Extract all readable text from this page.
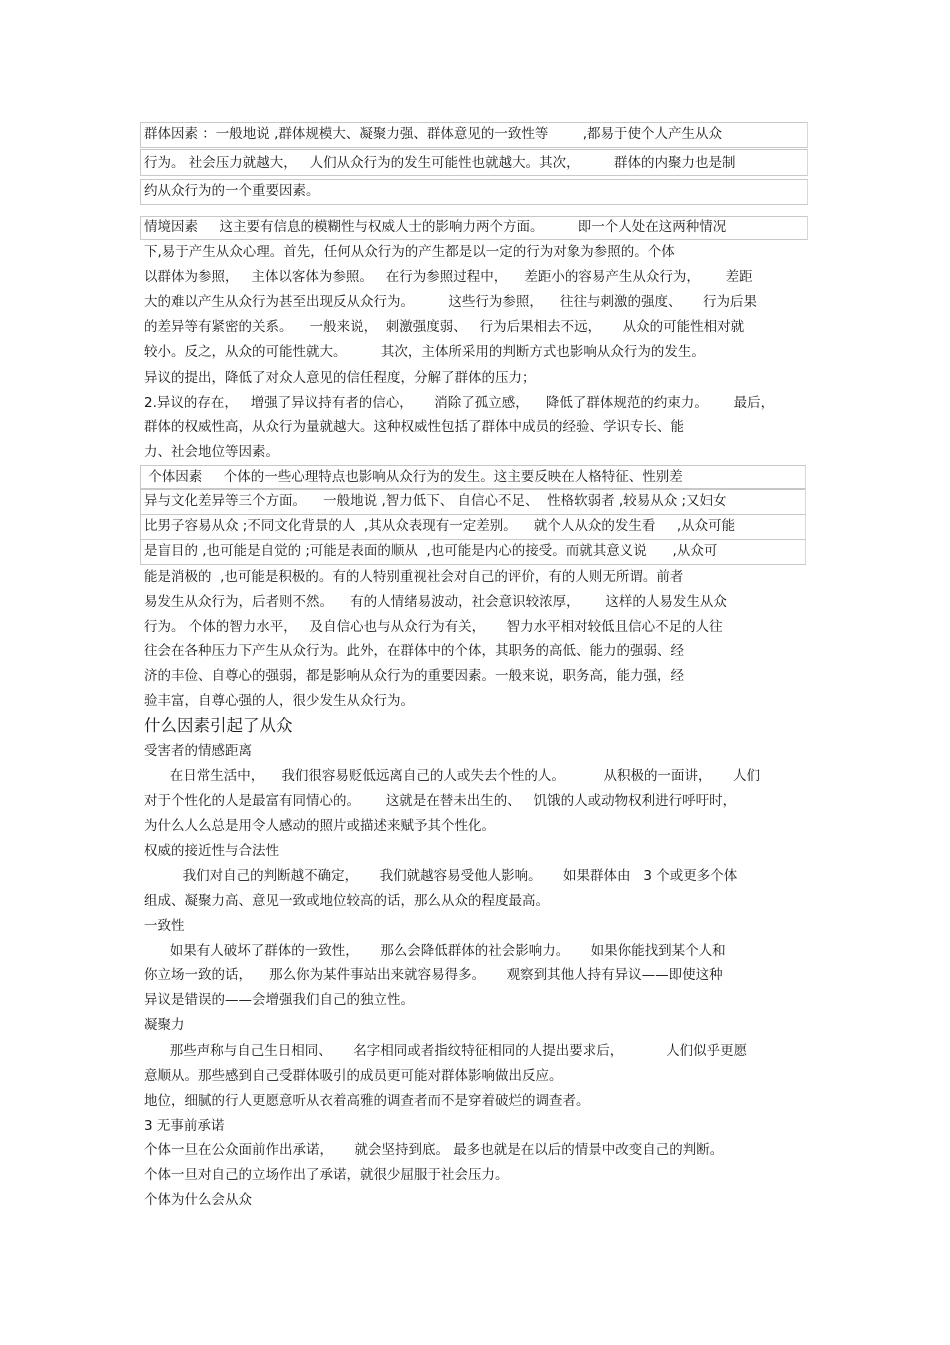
群体因素 ：一般地说 ,群体规模大、凝聚力强、群体意见的一致性等        ,都易于使个人产生从众
行为。 社会压力就越大，   人们从众行为的发生可能性也就越大。其次，        群体的内聚力也是制
约从众行为的一个重要因素。
情境因素     这主要有信息的模糊性与权威人士的影响力两个方面。        即一个人处在这两种情况
下,易于产生从众心理。首先，任何从众行为的产生都是以一定的行为对象为参照的。个体
以群体为参照，   主体以客体为参照。   在行为参照过程中，    差距小的容易产生从众行为，      差距
大的难以产生从众行为甚至出现反从众行为。        这些行为参照，    往往与刺激的强度、     行为后果
的差异等有紧密的关系。    一般来说，  刺激强度弱、   行为后果相去不远，     从众的可能性相对就
较小。反之，从众的可能性就大。        其次，主体所采用的判断方式也影响从众行为的发生。
异议的提出，降低了对众人意见的信任程度，分解了群体的压力；
2.异议的存在，   增强了异议持有者的信心，     消除了孤立感，    降低了群体规范的约束力。      最后，
群体的权威性高，从众行为量就越大。这种权威性包括了群体中成员的经验、学识专长、能
力、社会地位等因素。
个体因素     个体的一些心理特点也影响从众行为的发生。这主要反映在人格特征、性别差
异与文化差异等三个方面。    一般地说 ,智力低下、 自信心不足、  性格软弱者 ,较易从众 ;又妇女
比男子容易从众 ;不同文化背景的人  ,其从众表现有一定差别。    就个人从众的发生看     ,从众可能
是盲目的 ,也可能是自觉的 ;可能是表面的顺从  ,也可能是内心的接受。而就其意义说      ,从众可
能是消极的  ,也可能是积极的。有的人特别重视社会对自己的评价，有的人则无所谓。前者
易发生从众行为，后者则不然。    有的人情绪易波动，社会意识较浓厚，      这样的人易发生从众
行为。 个体的智力水平，   及自信心也与从众行为有关，     智力水平相对较低且信心不足的人往
往会在各种压力下产生从众行为。此外，在群体中的个体，其职务的高低、能力的强弱、经
济的丰俭、自尊心的强弱，都是影响从众行为的重要因素。一般来说，职务高，能力强，经
验丰富，自尊心强的人，很少发生从众行为。
什么因素引起了从众
受害者的情感距离
在日常生活中，    我们很容易贬低远离自己的人或失去个性的人。         从积极的一面讲，     人们
对于个性化的人是最富有同情心的。      这就是在替未出生的、   饥饿的人或动物权利进行呼吁时，
为什么人么总是用令人感动的照片或描述来赋予其个性化。
权威的接近性与合法性
我们对自己的判断越不确定，     我们就越容易受他人影响。     如果群体由   3 个或更多个体
组成、凝聚力高、意见一致或地位较高的话，那么从众的程度最高。
一致性
如果有人破坏了群体的一致性，     那么会降低群体的社会影响力。     如果你能找到某个人和
你立场一致的话，    那么你为某件事站出来就容易得多。     观察到其他人持有异议——即使这种
异议是错误的——会增强我们自己的独立性。
凝聚力
那些声称与自己生日相同、     名字相同或者指纹特征相同的人提出要求后，          人们似乎更愿
意顺从。那些感到自己受群体吸引的成员更可能对群体影响做出反应。
地位，细腻的行人更愿意听从衣着高雅的调查者而不是穿着破烂的调查者。
3 无事前承诺
个体一旦在公众面前作出承诺，     就会坚持到底。 最多也就是在以后的情景中改变自己的判断。
个体一旦对自己的立场作出了承诺，就很少屈服于社会压力。
个体为什么会从众
